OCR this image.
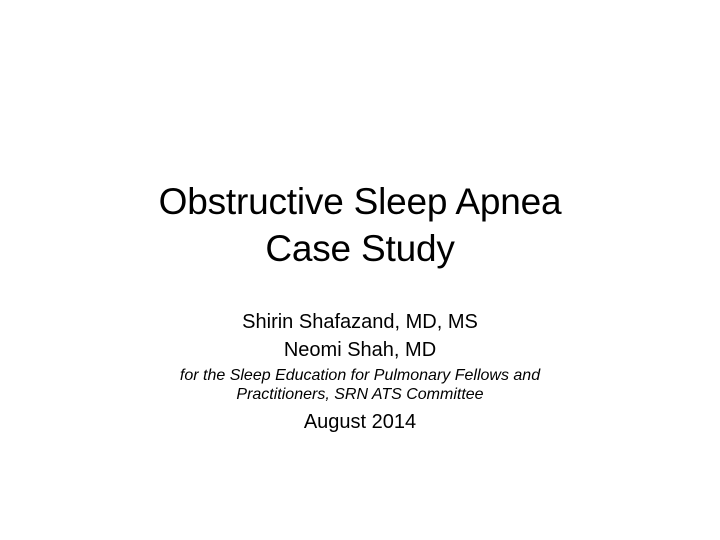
Obstructive Sleep Apnea
Case Study
Shirin Shafazand, MD, MS
Neomi Shah, MD
for the Sleep Education for Pulmonary Fellows and
Practitioners, SRN ATS Committee
August 2014
